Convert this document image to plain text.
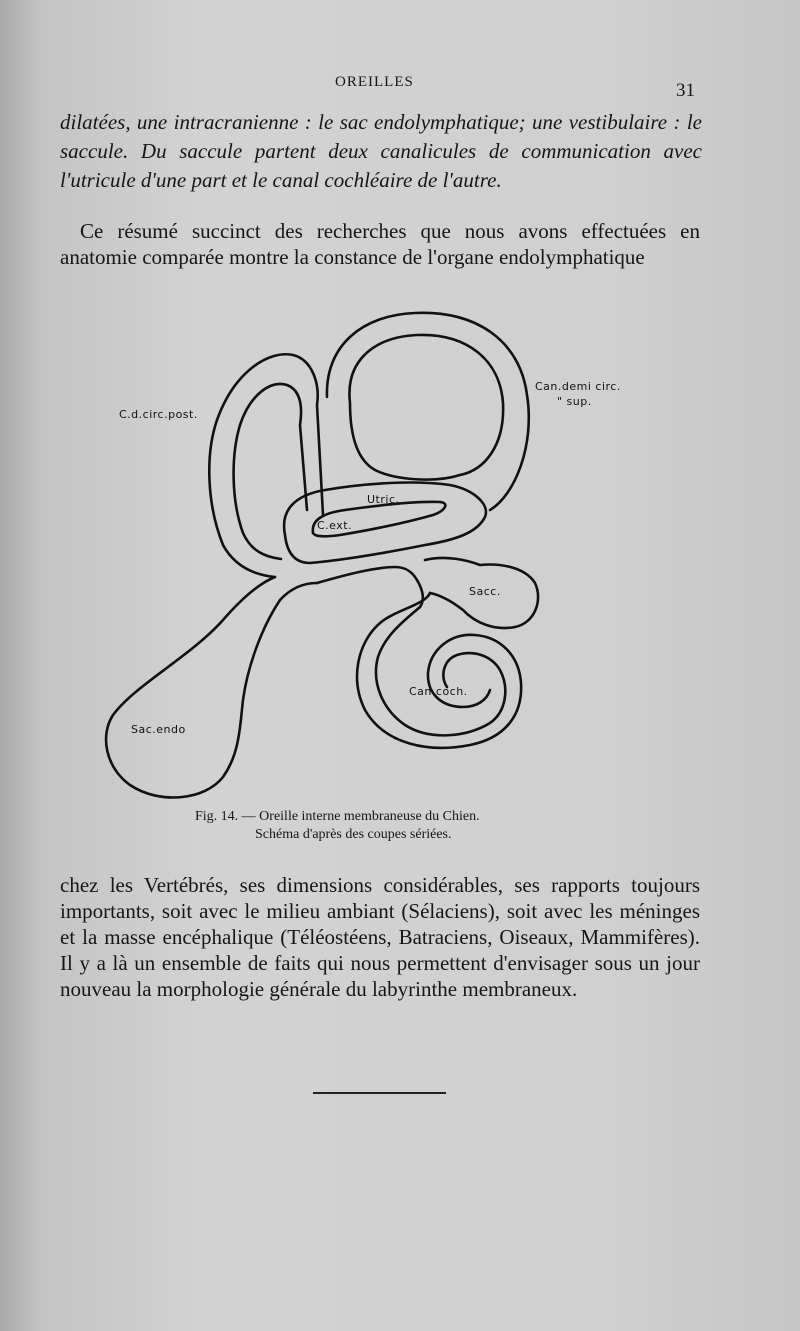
OREILLES	31
dilatées, une intracranienne : le sac endolymphatique; une vestibulaire : le saccule. Du saccule partent deux canalicules de communication avec l'utricule d'une part et le canal cochléaire de l'autre.
Ce résumé succinct des recherches que nous avons effectuées en anatomie comparée montre la constance de l'organe endolymphatique
Can.demi circ.
" sup.
C.d.circ.post.
Utric.
C.ext.
Sacc.
Can.coch.
Sac.endo
Fig. 14. — Oreille interne membraneuse du Chien.
Schéma d'après des coupes sériées.
chez les Vertébrés, ses dimensions considérables, ses rapports toujours importants, soit avec le milieu ambiant (Sélaciens), soit avec les méninges et la masse encéphalique (Téléostéens, Batraciens, Oiseaux, Mammifères). Il y a là un ensemble de faits qui nous permettent d'envisager sous un jour nouveau la morphologie générale du labyrinthe membraneux.
